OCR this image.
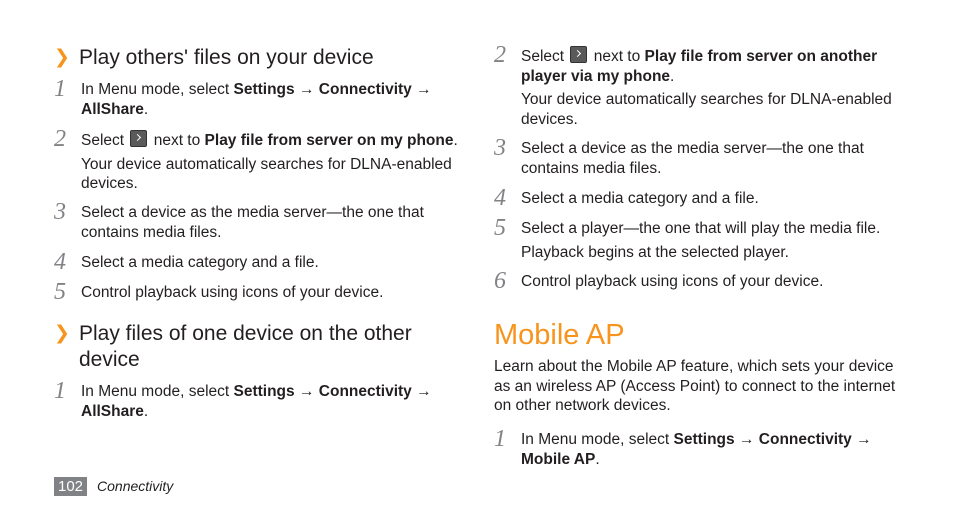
❯ Play others' files on your device
1 In Menu mode, select Settings → Connectivity →
AllShare.

2 Select  next to Play file from server on my phone.

Your device automatically searches for DLNA-enabled devices.

3 Select a device as the media server—the one that contains media files.

4 Select a media category and a file.

5 Control playback using icons of your device.

❯ Play files of one device on the other device
1 In Menu mode, select Settings → Connectivity →
AllShare.

2 Select  next to Play file from server on another player via my phone.

Your device automatically searches for DLNA-enabled devices.

3 Select a device as the media server—the one that contains media files.

4 Select a media category and a file.

5 Select a player—the one that will play the media file.

Playback begins at the selected player.

6 Control playback using icons of your device.

Mobile AP

Learn about the Mobile AP feature, which sets your device as an wireless AP (Access Point) to connect to the internet on other network devices.

1 In Menu mode, select Settings → Connectivity →
Mobile AP.

102 Connectivity
